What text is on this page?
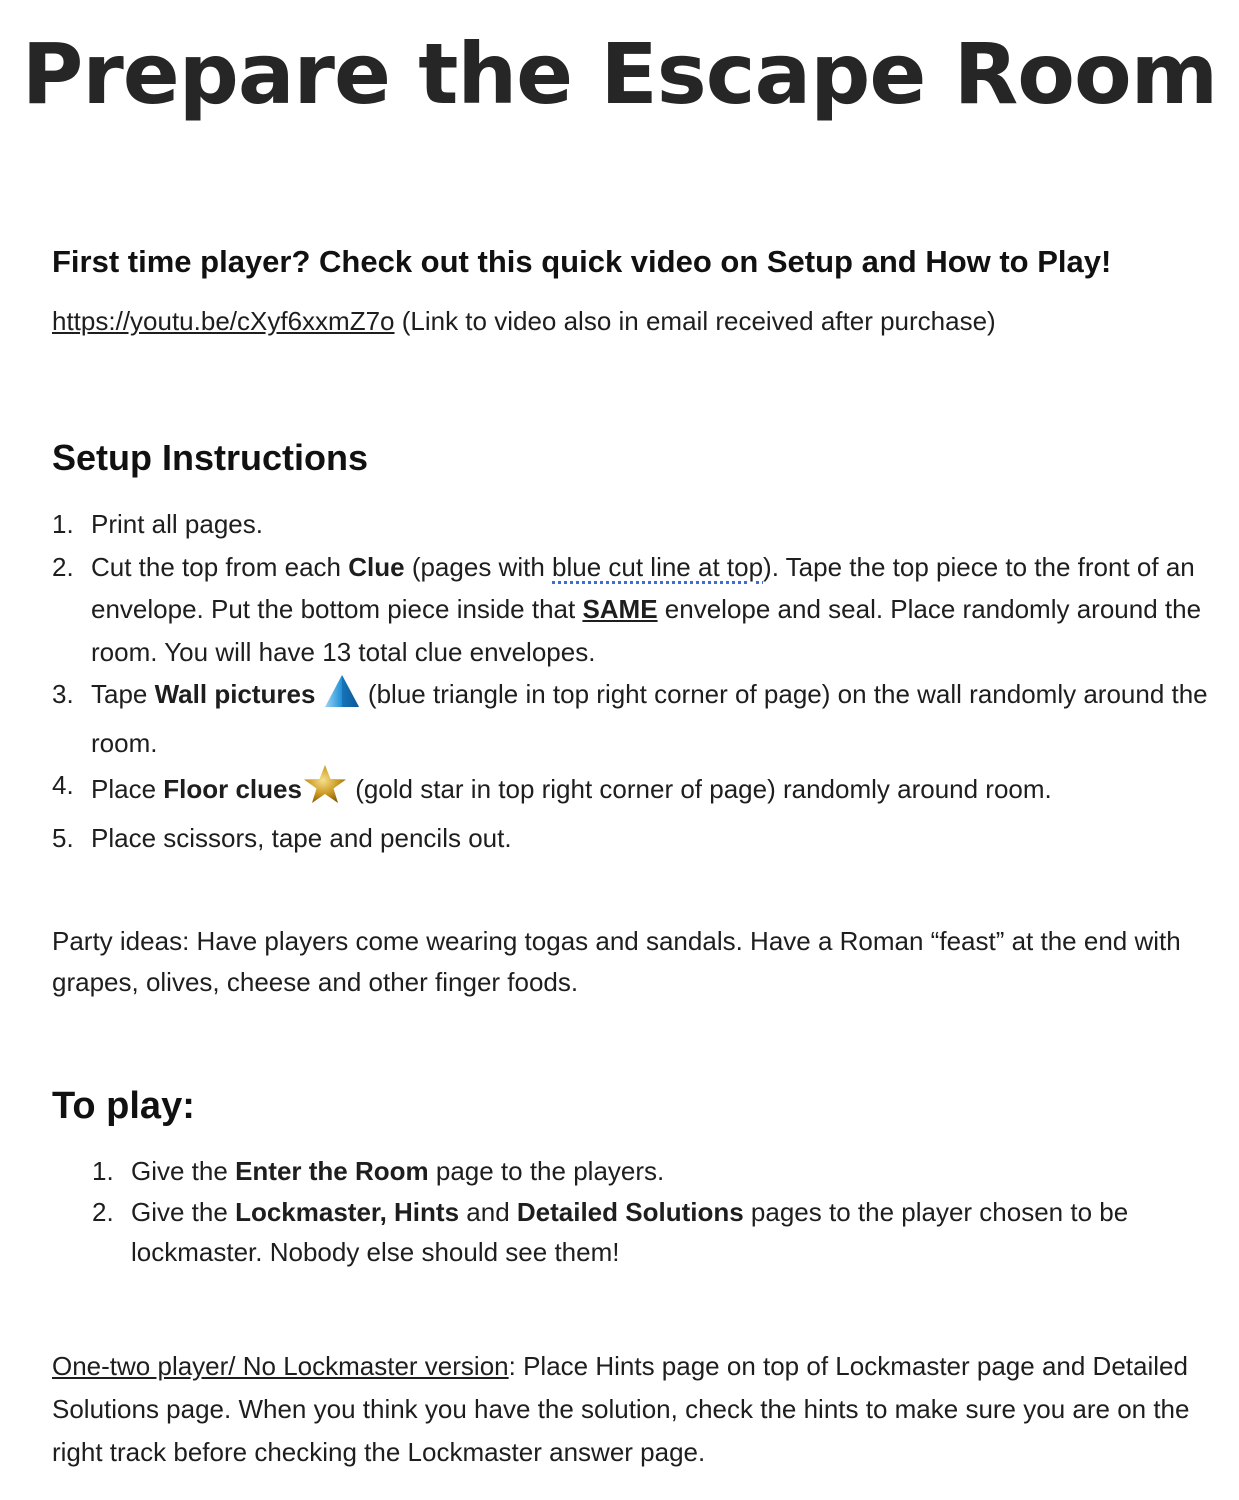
Prepare the Escape Room
First time player? Check out this quick video on Setup and How to Play!

https://youtu.be/cXyf6xxmZ7o (Link to video also in email received after purchase)

Setup Instructions
1. Print all pages.
2. Cut the top from each Clue (pages with blue cut line at top). Tape the top piece to the front of an envelope. Put the bottom piece inside that SAME envelope and seal. Place randomly around the room. You will have 13 total clue envelopes.
3. Tape Wall pictures  (blue triangle in top right corner of page) on the wall randomly around the room.
4. Place Floor clues (gold star in top right corner of page) randomly around room.
5. Place scissors, tape and pencils out.

Party ideas: Have players come wearing togas and sandals. Have a Roman “feast” at the end with grapes, olives, cheese and other finger foods.

To play:
1. Give the Enter the Room page to the players.
2. Give the Lockmaster, Hints and Detailed Solutions pages to the player chosen to be lockmaster. Nobody else should see them!

One-two player/ No Lockmaster version: Place Hints page on top of Lockmaster page and Detailed Solutions page. When you think you have the solution, check the hints to make sure you are on the right track before checking the Lockmaster answer page.
